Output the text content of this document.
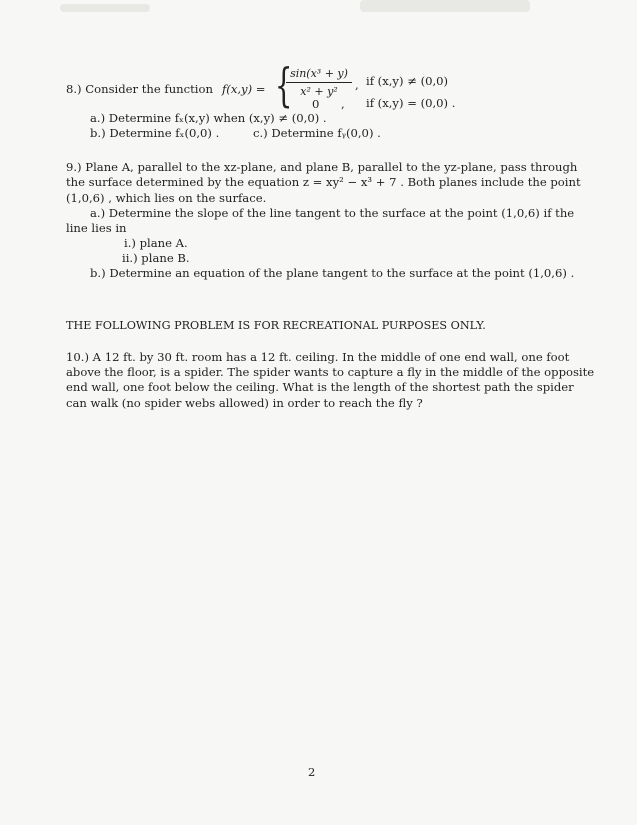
8.) Consider the function f(x,y) = {
sin(x³ + y)
x² + y²	, if (x,y) ≠ (0,0)
0 , if (x,y) = (0,0) .
a.) Determine fₓ(x,y) when (x,y) ≠ (0,0) .
b.) Determine fₓ(0,0) .	c.) Determine fᵧ(0,0) .
9.) Plane A, parallel to the xz-plane, and plane B, parallel to the yz-plane, pass through
the surface determined by the equation z = xy² − x³ + 7 . Both planes include the point
(1,0,6) , which lies on the surface.
a.) Determine the slope of the line tangent to the surface at the point (1,0,6) if the
line lies in
i.) plane A.
ii.) plane B.
b.) Determine an equation of the plane tangent to the surface at the point (1,0,6) .
THE FOLLOWING PROBLEM IS FOR RECREATIONAL PURPOSES ONLY.
10.) A 12 ft. by 30 ft. room has a 12 ft. ceiling. In the middle of one end wall, one foot
above the floor, is a spider. The spider wants to capture a fly in the middle of the opposite
end wall, one foot below the ceiling. What is the length of the shortest path the spider
can walk (no spider webs allowed) in order to reach the fly ?
2
